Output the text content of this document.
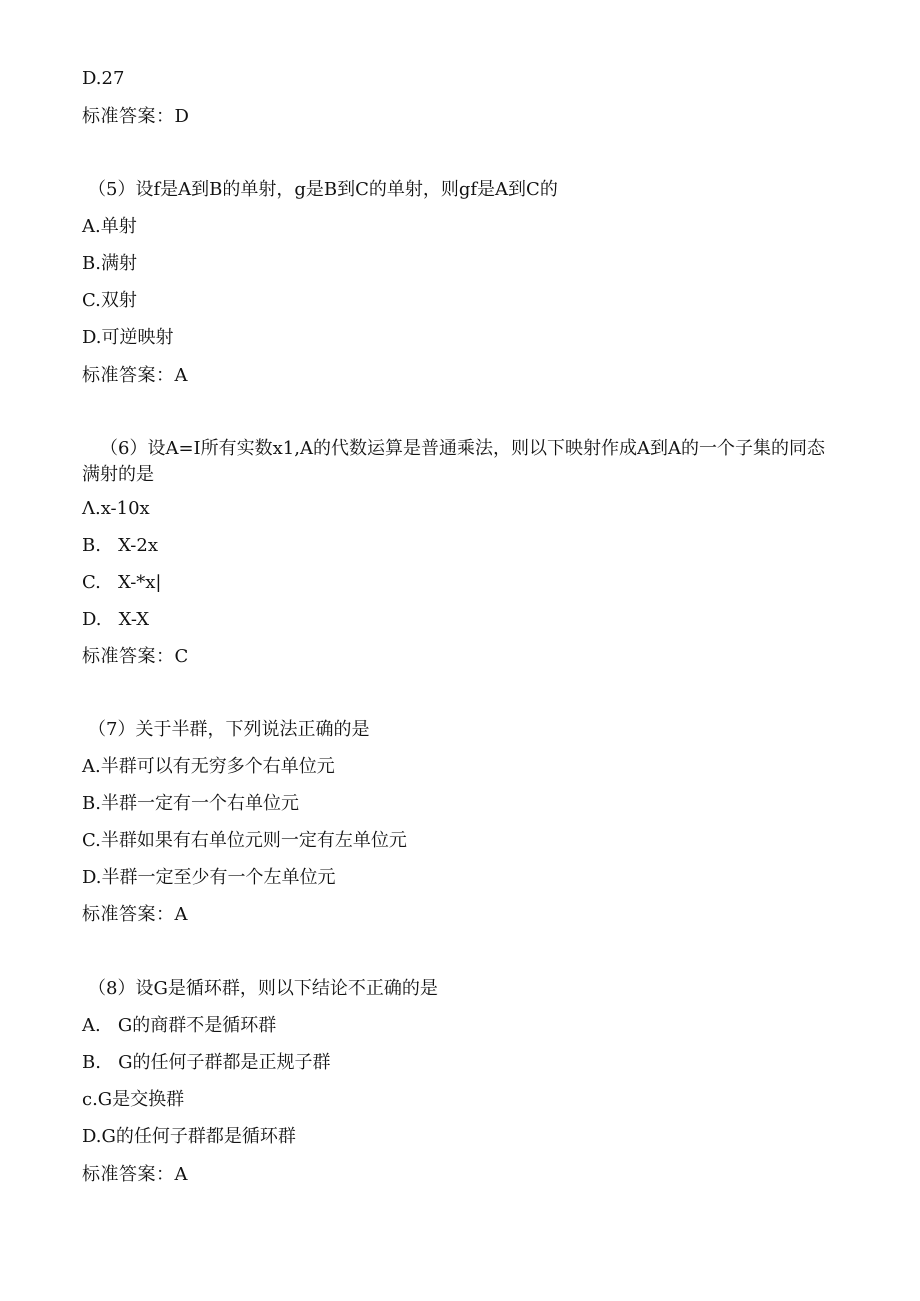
D.27

标准答案：D

（5）设f是A到B的单射，g是B到C的单射，则gf是A到C的

A.单射

B.满射

C.双射

D.可逆映射

标准答案：A

（6）设A=I所有实数x1,A的代数运算是普通乘法，则以下映射作成A到A的一个子集的同态满射的是

Λ.x-10x

B.   X-2x

C.   X-*x|

D.   X-X

标准答案：C

（7）关于半群，下列说法正确的是

A.半群可以有无穷多个右单位元

B.半群一定有一个右单位元

C.半群如果有右单位元则一定有左单位元

D.半群一定至少有一个左单位元

标准答案：A

（8）设G是循环群，则以下结论不正确的是

A.   G的商群不是循环群

B.   G的任何子群都是正规子群

c.G是交换群

D.G的任何子群都是循环群

标准答案：A
